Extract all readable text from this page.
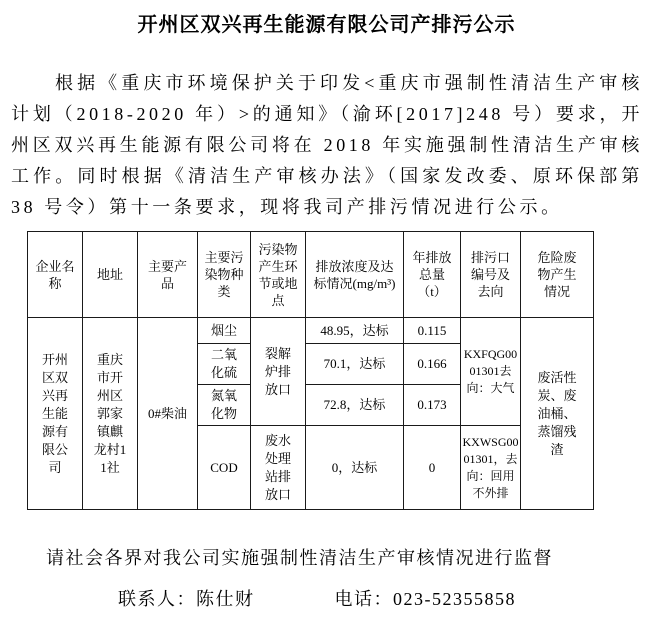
开州区双兴再生能源有限公司产排污公示

根据《重庆市环境保护关于印发<重庆市强制性清洁生产审核计划（2018-2020 年）>的通知》（渝环[2017]248 号）要求，开州区双兴再生能源有限公司将在 2018 年实施强制性清洁生产审核工作。同时根据《清洁生产审核办法》（国家发改委、原环保部第 38 号令）第十一条要求，现将我司产排污情况进行公示。

企业名称	地址	主要产品	主要污染物种类	污染物产生环节或地点	排放浓度及达标情况(mg/m³)	年排放总量（t）	排污口编号及去向	危险废物产生情况
开州区双兴再生能源有限公司	重庆市开州区郭家镇麒龙村11社	0#柴油	烟尘	裂解炉排放口	48.95，达标	0.115	KXFQG0001301去向：大气	废活性炭、废油桶、蒸馏残渣
			二氧化硫		70.1，达标	0.166		
			氮氧化物		72.8，达标	0.173		
			COD	废水处理站排放口	0，达标	0	KXWSG0001301，去向：回用不外排	

请社会各界对我公司实施强制性清洁生产审核情况进行监督

联系人：陈仕财	电话：023-52355858
